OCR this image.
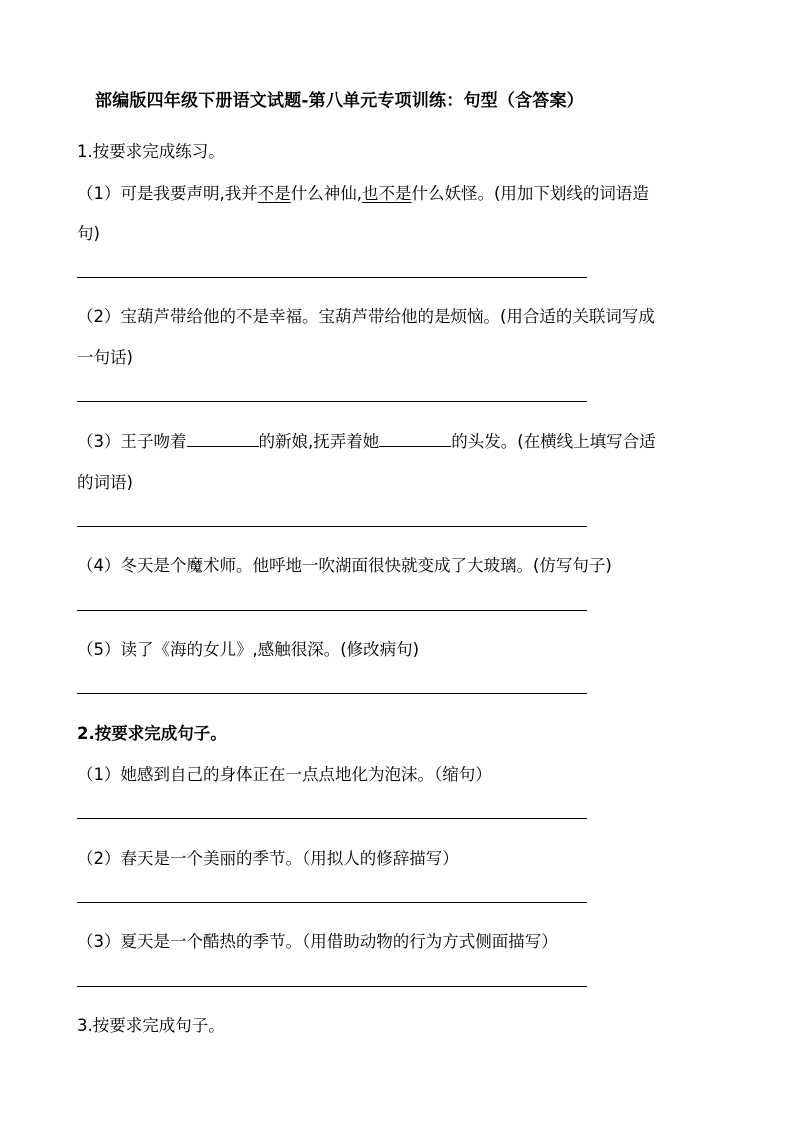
部编版四年级下册语文试题-第八单元专项训练：句型（含答案）
1.按要求完成练习。
（1）可是我要声明,我并不是什么神仙,也不是什么妖怪。(用加下划线的词语造
句)
（2）宝葫芦带给他的不是幸福。宝葫芦带给他的是烦恼。(用合适的关联词写成
一句话)
（3）王子吻着	的新娘,抚弄着她	的头发。(在横线上填写合适
的词语)
（4）冬天是个魔术师。他呼地一吹湖面很快就变成了大玻璃。(仿写句子)
（5）读了《海的女儿》,感触很深。(修改病句)
2.按要求完成句子。
（1）她感到自己的身体正在一点点地化为泡沫。（缩句）
（2）春天是一个美丽的季节。（用拟人的修辞描写）
（3）夏天是一个酷热的季节。（用借助动物的行为方式侧面描写）
3.按要求完成句子。
